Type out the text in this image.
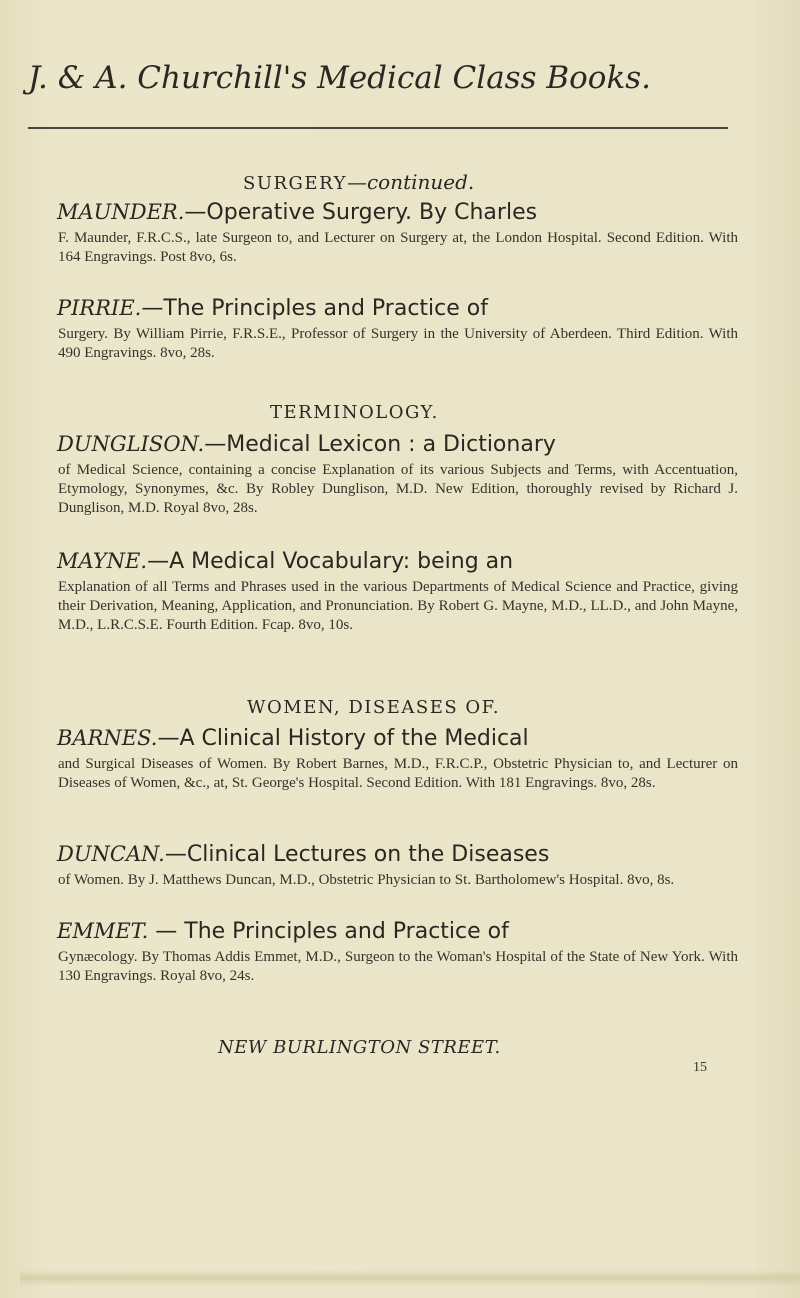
J. & A. Churchill's Medical Class Books.
SURGERY—continued.
MAUNDER.—Operative Surgery. By Charles
F. Maunder, F.R.C.S., late Surgeon to, and Lecturer on Surgery at, the London Hospital. Second Edition. With 164 Engravings. Post 8vo, 6s.
PIRRIE.—The Principles and Practice of
Surgery. By William Pirrie, F.R.S.E., Professor of Surgery in the University of Aberdeen. Third Edition. With 490 Engravings. 8vo, 28s.
TERMINOLOGY.
DUNGLISON.—Medical Lexicon : a Dictionary
of Medical Science, containing a concise Explanation of its various Subjects and Terms, with Accentuation, Etymology, Synonymes, &c. By Robley Dunglison, M.D. New Edition, thoroughly revised by Richard J. Dunglison, M.D. Royal 8vo, 28s.
MAYNE.—A Medical Vocabulary: being an
Explanation of all Terms and Phrases used in the various Departments of Medical Science and Practice, giving their Derivation, Meaning, Application, and Pronunciation. By Robert G. Mayne, M.D., LL.D., and John Mayne, M.D., L.R.C.S.E. Fourth Edition. Fcap. 8vo, 10s.
WOMEN, DISEASES OF.
BARNES.—A Clinical History of the Medical
and Surgical Diseases of Women. By Robert Barnes, M.D., F.R.C.P., Obstetric Physician to, and Lecturer on Diseases of Women, &c., at, St. George's Hospital. Second Edition. With 181 Engravings. 8vo, 28s.
DUNCAN.—Clinical Lectures on the Diseases
of Women. By J. Matthews Duncan, M.D., Obstetric Physician to St. Bartholomew's Hospital. 8vo, 8s.
EMMET. — The Principles and Practice of
Gynæcology. By Thomas Addis Emmet, M.D., Surgeon to the Woman's Hospital of the State of New York. With 130 Engravings. Royal 8vo, 24s.
NEW BURLINGTON STREET.
15
